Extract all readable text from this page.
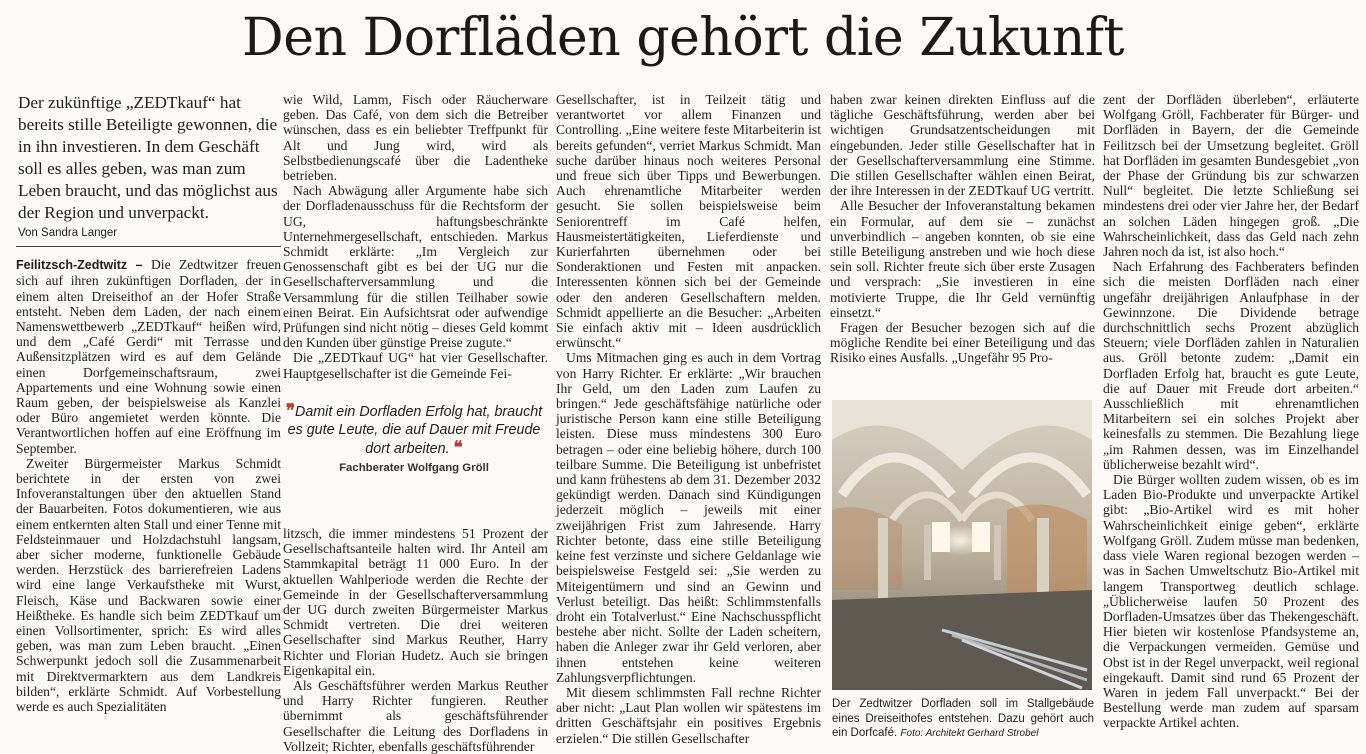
Den Dorfläden gehört die Zukunft

Der zukünftige „ZEDTkauf“ hat bereits stille Beteiligte gewonnen, die in ihn investieren. In dem Geschäft soll es alles geben, was man zum Leben braucht, und das möglichst aus der Region und unverpackt.

Von Sandra Langer

Feilitzsch-Zedtwitz – Die Zedtwitzer freuen sich auf ihren zukünftigen Dorfladen, der in einem alten Dreiseithof an der Hofer Straße entsteht. Neben dem Laden, der nach einem Namenswettbewerb „ZEDTkauf“ heißen wird, und dem „Café Gerdi“ mit Terrasse und Außensitzplätzen wird es auf dem Gelände einen Dorfgemeinschaftsraum, zwei Appartements und eine Wohnung sowie einen Raum geben, der beispielsweise als Kanzlei oder Büro angemietet werden könnte. Die Verantwortlichen hoffen auf eine Eröffnung im September.

Zweiter Bürgermeister Markus Schmidt berichtete in der ersten von zwei Infoveranstaltungen über den aktuellen Stand der Bauarbeiten. Fotos dokumentieren, wie aus einem entkernten alten Stall und einer Tenne mit Feldsteinmauer und Holzdachstuhl langsam, aber sicher moderne, funktionelle Gebäude werden. Herzstück des barrierefreien Ladens wird eine lange Verkaufstheke mit Wurst, Fleisch, Käse und Backwaren sowie einer Heißtheke. Es handle sich beim ZEDTkauf um einen Vollsortimenter, sprich: Es wird alles geben, was man zum Leben braucht. „Einen Schwerpunkt jedoch soll die Zusammenarbeit mit Direktvermarktern aus dem Landkreis bilden“, erklärte Schmidt. Auf Vorbestellung werde es auch Spezialitäten

wie Wild, Lamm, Fisch oder Räucherware geben. Das Café, von dem sich die Betreiber wünschen, dass es ein beliebter Treffpunkt für Alt und Jung wird, wird als Selbstbedienungscafé über die Ladentheke betrieben.

Nach Abwägung aller Argumente habe sich der Dorfladenausschuss für die Rechtsform der UG, haftungsbeschränkte Unternehmergesellschaft, entschieden. Markus Schmidt erklärte: „Im Vergleich zur Genossenschaft gibt es bei der UG nur die Gesellschafterversammlung und die Versammlung für die stillen Teilhaber sowie einen Beirat. Ein Aufsichtsrat oder aufwendige Prüfungen sind nicht nötig – dieses Geld kommt den Kunden über günstige Preise zugute.“

Die „ZEDTkauf UG“ hat vier Gesellschafter. Hauptgesellschafter ist die Gemeinde Fei-

❞Damit ein Dorfladen Erfolg hat, braucht es gute Leute, die auf Dauer mit Freude dort arbeiten. ❝
Fachberater Wolfgang Gröll

litzsch, die immer mindestens 51 Prozent der Gesellschaftsanteile halten wird. Ihr Anteil am Stammkapital beträgt 11 000 Euro. In der aktuellen Wahlperiode werden die Rechte der Gemeinde in der Gesellschafterversammlung der UG durch zweiten Bürgermeister Markus Schmidt vertreten. Die drei weiteren Gesellschafter sind Markus Reuther, Harry Richter und Florian Hudetz. Auch sie bringen Eigenkapital ein.

Als Geschäftsführer werden Markus Reuther und Harry Richter fungieren. Reuther übernimmt als geschäftsführender Gesellschafter die Leitung des Dorfladens in Vollzeit; Richter, ebenfalls geschäftsführender

Gesellschafter, ist in Teilzeit tätig und verantwortet vor allem Finanzen und Controlling. „Eine weitere feste Mitarbeiterin ist bereits gefunden“, verriet Markus Schmidt. Man suche darüber hinaus noch weiteres Personal und freue sich über Tipps und Bewerbungen. Auch ehrenamtliche Mitarbeiter werden gesucht. Sie sollen beispielsweise beim Seniorentreff im Café helfen, Hausmeistertätigkeiten, Lieferdienste und Kurierfahrten übernehmen oder bei Sonderaktionen und Festen mit anpacken. Interessenten können sich bei der Gemeinde oder den anderen Gesellschaftern melden. Schmidt appellierte an die Besucher: „Arbeiten Sie einfach aktiv mit – Ideen ausdrücklich erwünscht.“

Ums Mitmachen ging es auch in dem Vortrag von Harry Richter. Er erklärte: „Wir brauchen Ihr Geld, um den Laden zum Laufen zu bringen.“ Jede geschäftsfähige natürliche oder juristische Person kann eine stille Beteiligung leisten. Diese muss mindestens 300 Euro betragen – oder eine beliebig höhere, durch 100 teilbare Summe. Die Beteiligung ist unbefristet und kann frühestens ab dem 31. Dezember 2032 gekündigt werden. Danach sind Kündigungen jederzeit möglich – jeweils mit einer zweijährigen Frist zum Jahresende. Harry Richter betonte, dass eine stille Beteiligung keine fest verzinste und sichere Geldanlage wie beispielsweise Festgeld sei: „Sie werden zu Miteigentümern und sind an Gewinn und Verlust beteiligt. Das heißt: Schlimmstenfalls droht ein Totalverlust.“ Eine Nachschusspflicht bestehe aber nicht. Sollte der Laden scheitern, haben die Anleger zwar ihr Geld verloren, aber ihnen entstehen keine weiteren Zahlungsverpflichtungen.

Mit diesem schlimmsten Fall rechne Richter aber nicht: „Laut Plan wollen wir spätestens im dritten Geschäftsjahr ein positives Ergebnis erzielen.“ Die stillen Gesellschafter

haben zwar keinen direkten Einfluss auf die tägliche Geschäftsführung, werden aber bei wichtigen Grundsatzentscheidungen mit eingebunden. Jeder stille Gesellschafter hat in der Gesellschafterversammlung eine Stimme. Die stillen Gesellschafter wählen einen Beirat, der ihre Interessen in der ZEDTkauf UG vertritt.

Alle Besucher der Infoveranstaltung bekamen ein Formular, auf dem sie – zunächst unverbindlich – angeben konnten, ob sie eine stille Beteiligung anstreben und wie hoch diese sein soll. Richter freute sich über erste Zusagen und versprach: „Sie investieren in eine motivierte Truppe, die Ihr Geld vernünftig einsetzt.“

Fragen der Besucher bezogen sich auf die mögliche Rendite bei einer Beteiligung und das Risiko eines Ausfalls. „Ungefähr 95 Pro-

Der Zedtwitzer Dorfladen soll im Stallgebäude eines Dreiseithofes entstehen. Dazu gehört auch ein Dorfcafé. Foto: Architekt Gerhard Strobel

zent der Dorfläden überleben“, erläuterte Wolfgang Gröll, Fachberater für Bürger- und Dorfläden in Bayern, der die Gemeinde Feilitzsch bei der Umsetzung begleitet. Gröll hat Dorfläden im gesamten Bundesgebiet „von der Phase der Gründung bis zur schwarzen Null“ begleitet. Die letzte Schließung sei mindestens drei oder vier Jahre her, der Bedarf an solchen Läden hingegen groß. „Die Wahrscheinlichkeit, dass das Geld nach zehn Jahren noch da ist, ist also hoch.“

Nach Erfahrung des Fachberaters befinden sich die meisten Dorfläden nach einer ungefähr dreijährigen Anlaufphase in der Gewinnzone. Die Dividende betrage durchschnittlich sechs Prozent abzüglich Steuern; viele Dorfläden zahlen in Naturalien aus. Gröll betonte zudem: „Damit ein Dorfladen Erfolg hat, braucht es gute Leute, die auf Dauer mit Freude dort arbeiten.“ Ausschließlich mit ehrenamtlichen Mitarbeitern sei ein solches Projekt aber keinesfalls zu stemmen. Die Bezahlung liege „im Rahmen dessen, was im Einzelhandel üblicherweise bezahlt wird“.

Die Bürger wollten zudem wissen, ob es im Laden Bio-Produkte und unverpackte Artikel gibt: „Bio-Artikel wird es mit hoher Wahrscheinlichkeit einige geben“, erklärte Wolfgang Gröll. Zudem müsse man bedenken, dass viele Waren regional bezogen werden – was in Sachen Umweltschutz Bio-Artikel mit langem Transportweg deutlich schlage. „Üblicherweise laufen 50 Prozent des Dorfladen-Umsatzes über das Thekengeschäft. Hier bieten wir kostenlose Pfandsysteme an, die Verpackungen vermeiden. Gemüse und Obst ist in der Regel unverpackt, weil regional eingekauft. Damit sind rund 65 Prozent der Waren in jedem Fall unverpackt.“ Bei der Bestellung werde man zudem auf sparsam verpackte Artikel achten.
